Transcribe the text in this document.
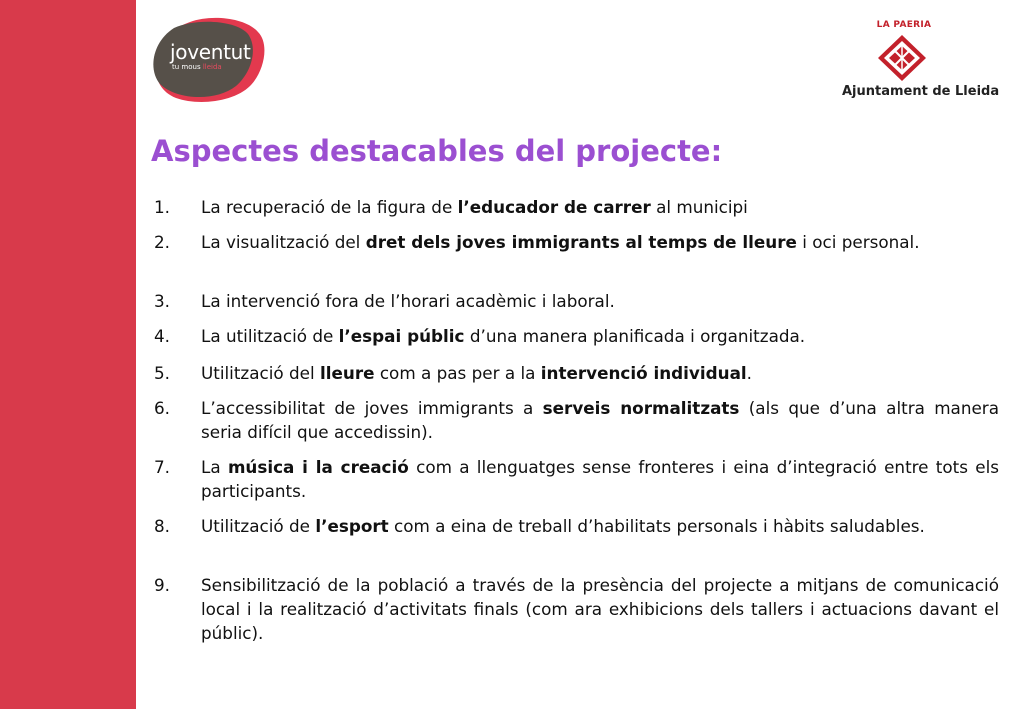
joventut
tu mous lleida
LA PAERIA
Ajuntament de Lleida
Aspectes destacables del projecte:
1. La recuperació de la figura de l’educador de carrer al municipi
2. La visualització del dret dels joves immigrants al temps de lleure i oci personal.
3. La intervenció fora de l’horari acadèmic i laboral.
4. La utilització de l’espai públic d’una manera planificada i organitzada.
5. Utilització del lleure com a pas per a la intervenció individual.
6. L’accessibilitat de joves immigrants a serveis normalitzats (als que d’una altra manera seria difícil que accedissin).
7. La música i la creació com a llenguatges sense fronteres i eina d’integració entre tots els participants.
8. Utilització de l’esport com a eina de treball d’habilitats personals i hàbits saludables.
9. Sensibilització de la població a través de la presència del projecte a mitjans de comunicació local i la realització d’activitats finals (com ara exhibicions dels tallers i actuacions davant el públic).
